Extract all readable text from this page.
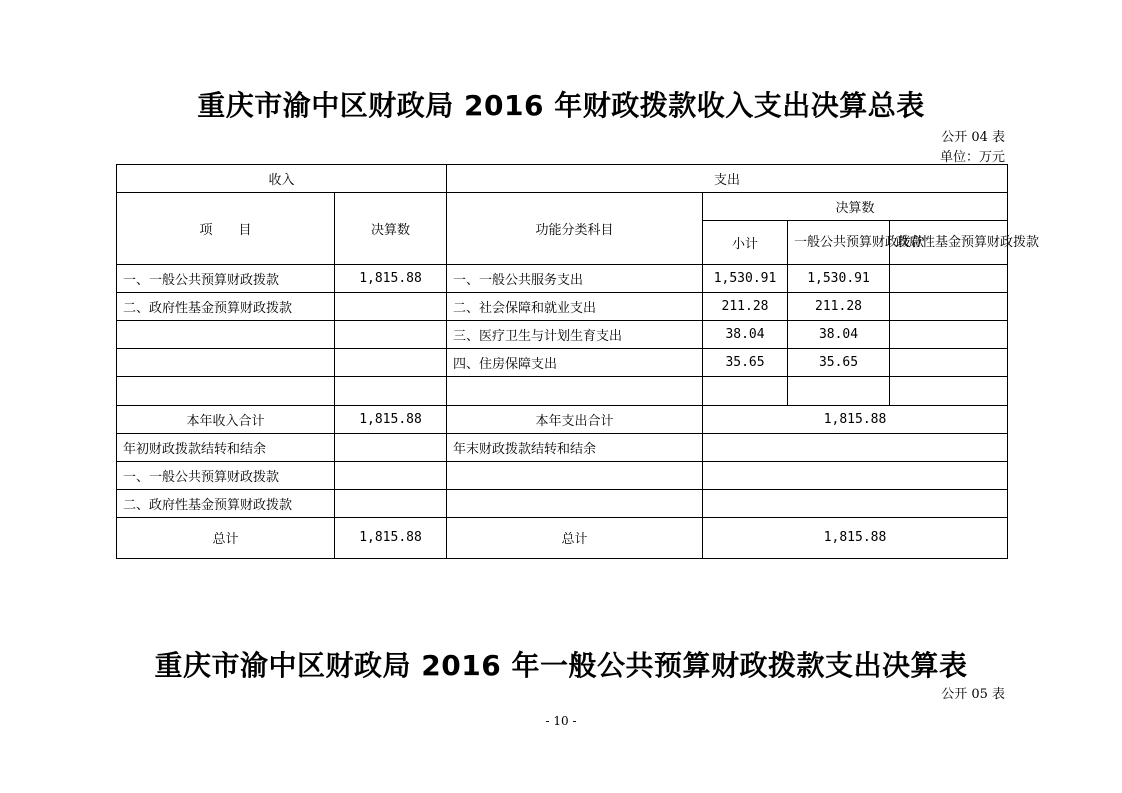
重庆市渝中区财政局 2016 年财政拨款收入支出决算总表
公开 04 表
单位：万元
收入		支出			
项　　目	决算数	功能分类科目	决算数		
			小计	一般公共预算财政拨款	政府性基金预算财政拨款
一、一般公共预算财政拨款	1,815.88	一、一般公共服务支出	1,530.91	1,530.91	
二、政府性基金预算财政拨款		二、社会保障和就业支出	211.28	211.28	
		三、医疗卫生与计划生育支出	38.04	38.04	
		四、住房保障支出	35.65	35.65	

本年收入合计	1,815.88	本年支出合计	1,815.88		
年初财政拨款结转和结余		年末财政拨款结转和结余			
一、一般公共预算财政拨款					
二、政府性基金预算财政拨款					
总计	1,815.88	总计	1,815.88		
重庆市渝中区财政局 2016 年一般公共预算财政拨款支出决算表
公开 05 表
- 10 -
